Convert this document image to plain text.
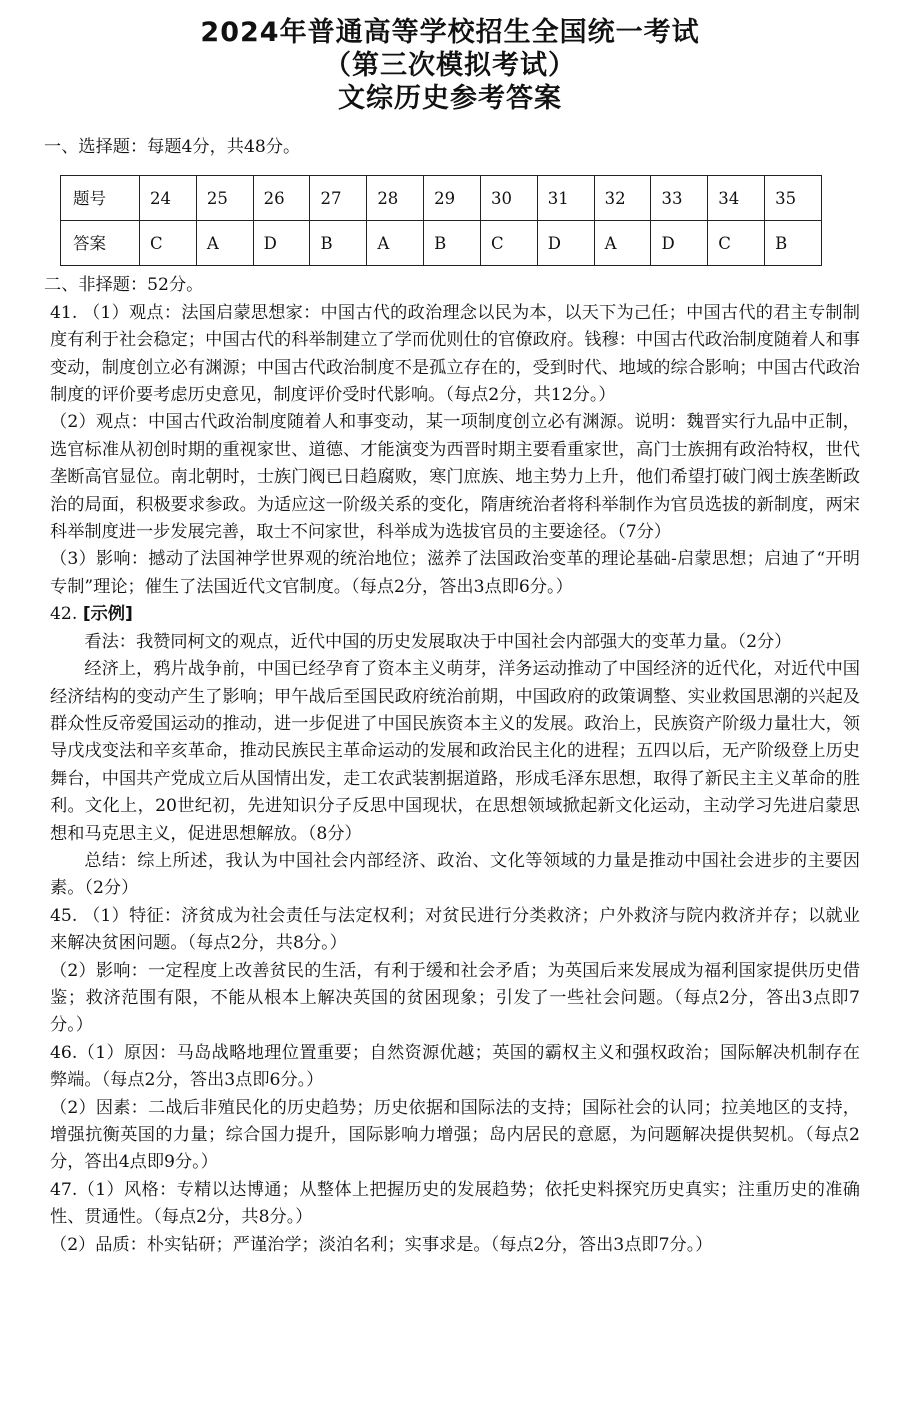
2024年普通高等学校招生全国统一考试

（第三次模拟考试）

文综历史参考答案

一、选择题：每题4分，共48分。

题号	24	25	26	27	28	29	30	31	32	33	34	35
答案	C	A	D	B	A	B	C	D	A	D	C	B

二、非择题：52分。

41. （1）观点：法国启蒙思想家：中国古代的政治理念以民为本，以天下为己任；中国古代的君主专制制度有利于社会稳定；中国古代的科举制建立了学而优则仕的官僚政府。钱穆：中国古代政治制度随着人和事变动，制度创立必有渊源；中国古代政治制度不是孤立存在的，受到时代、地域的综合影响；中国古代政治制度的评价要考虑历史意见，制度评价受时代影响。（每点2分，共12分。）

（2）观点：中国古代政治制度随着人和事变动，某一项制度创立必有渊源。说明：魏晋实行九品中正制，选官标准从初创时期的重视家世、道德、才能演变为西晋时期主要看重家世，高门士族拥有政治特权，世代垄断高官显位。南北朝时，士族门阀已日趋腐败，寒门庶族、地主势力上升，他们希望打破门阀士族垄断政治的局面，积极要求参政。为适应这一阶级关系的变化，隋唐统治者将科举制作为官员选拔的新制度，两宋科举制度进一步发展完善，取士不问家世，科举成为选拔官员的主要途径。（7分）

（3）影响：撼动了法国神学世界观的统治地位；滋养了法国政治变革的理论基础-启蒙思想；启迪了“开明专制”理论；催生了法国近代文官制度。（每点2分，答出3点即6分。）

42. [示例]

看法：我赞同柯文的观点，近代中国的历史发展取决于中国社会内部强大的变革力量。（2分）

经济上，鸦片战争前，中国已经孕育了资本主义萌芽，洋务运动推动了中国经济的近代化，对近代中国经济结构的变动产生了影响；甲午战后至国民政府统治前期，中国政府的政策调整、实业救国思潮的兴起及群众性反帝爱国运动的推动，进一步促进了中国民族资本主义的发展。政治上，民族资产阶级力量壮大，领导戊戌变法和辛亥革命，推动民族民主革命运动的发展和政治民主化的进程；五四以后，无产阶级登上历史舞台，中国共产党成立后从国情出发，走工农武装割据道路，形成毛泽东思想，取得了新民主主义革命的胜利。文化上，20世纪初，先进知识分子反思中国现状，在思想领域掀起新文化运动，主动学习先进启蒙思想和马克思主义，促进思想解放。（8分）

总结：综上所述，我认为中国社会内部经济、政治、文化等领域的力量是推动中国社会进步的主要因素。（2分）

45. （1）特征：济贫成为社会责任与法定权利；对贫民进行分类救济；户外救济与院内救济并存；以就业来解决贫困问题。（每点2分，共8分。）

（2）影响：一定程度上改善贫民的生活，有利于缓和社会矛盾；为英国后来发展成为福利国家提供历史借鉴；救济范围有限，不能从根本上解决英国的贫困现象；引发了一些社会问题。（每点2分，答出3点即7分。）

46.（1）原因：马岛战略地理位置重要；自然资源优越；英国的霸权主义和强权政治；国际解决机制存在弊端。（每点2分，答出3点即6分。）

（2）因素：二战后非殖民化的历史趋势；历史依据和国际法的支持；国际社会的认同；拉美地区的支持，增强抗衡英国的力量；综合国力提升，国际影响力增强；岛内居民的意愿，为问题解决提供契机。（每点2分，答出4点即9分。）

47.（1）风格：专精以达博通；从整体上把握历史的发展趋势；依托史料探究历史真实；注重历史的准确性、贯通性。（每点2分，共8分。）

（2）品质：朴实钻研；严谨治学；淡泊名利；实事求是。（每点2分，答出3点即7分。）
